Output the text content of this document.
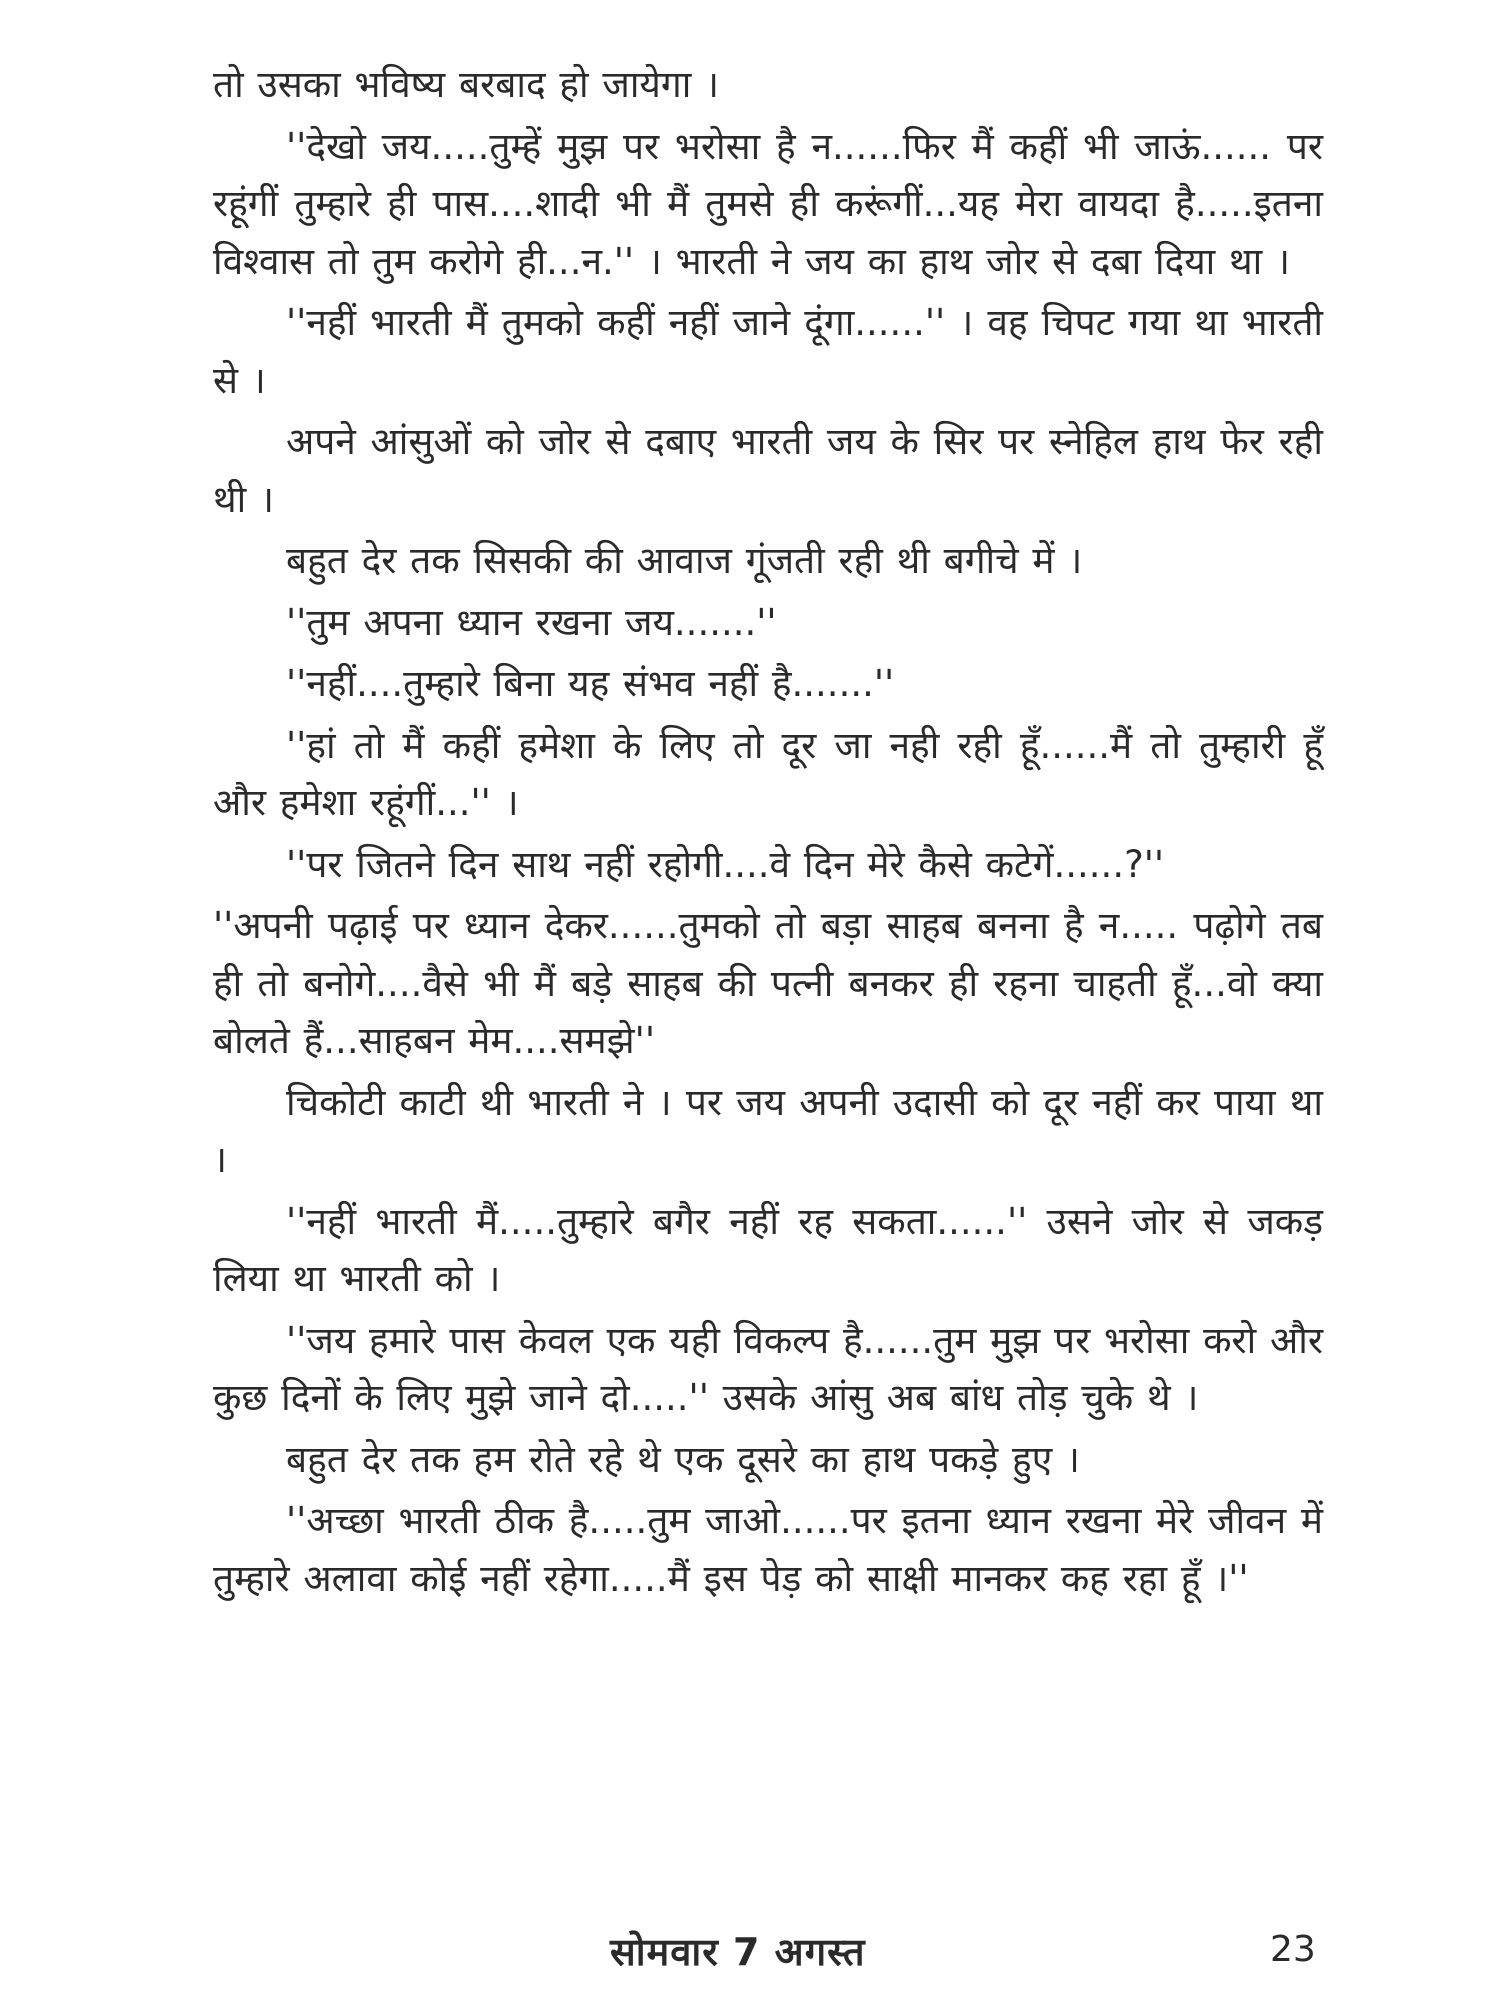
तो उसका भविष्य बरबाद हो जायेगा ।

''देखो जय.....तुम्हें मुझ पर भरोसा है न......फिर मैं कहीं भी जाऊं...... पर रहूंगीं तुम्हारे ही पास....शादी भी मैं तुमसे ही करूंगीं...यह मेरा वायदा है.....इतना विश्वास तो तुम करोगे ही...न.'' । भारती ने जय का हाथ जोर से दबा दिया था ।

''नहीं भारती मैं तुमको कहीं नहीं जाने दूंगा......'' । वह चिपट गया था भारती से ।

अपने आंसुओं को जोर से दबाए भारती जय के सिर पर स्नेहिल हाथ फेर रही थी ।

बहुत देर तक सिसकी की आवाज गूंजती रही थी बगीचे में ।

''तुम अपना ध्यान रखना जय.......''

''नहीं....तुम्हारे बिना यह संभव नहीं है.......''

''हां तो मैं कहीं हमेशा के लिए तो दूर जा नही रही हूँ......मैं तो तुम्हारी हूँ और हमेशा रहूंगीं...'' ।

''पर जितने दिन साथ नहीं रहोगी....वे दिन मेरे कैसे कटेगें......?''

''अपनी पढ़ाई पर ध्यान देकर......तुमको तो बड़ा साहब बनना है न..... पढ़ोगे तब ही तो बनोगे....वैसे भी मैं बड़े साहब की पत्नी बनकर ही रहना चाहती हूँ...वो क्या बोलते हैं...साहबन मेम....समझे''

चिकोटी काटी थी भारती ने । पर जय अपनी उदासी को दूर नहीं कर पाया था ।

''नहीं भारती मैं.....तुम्हारे बगैर नहीं रह सकता......'' उसने जोर से जकड़ लिया था भारती को ।

''जय हमारे पास केवल एक यही विकल्प है......तुम मुझ पर भरोसा करो और कुछ दिनों के लिए मुझे जाने दो.....'' उसके आंसु अब बांध तोड़ चुके थे ।

बहुत देर तक हम रोते रहे थे एक दूसरे का हाथ पकड़े हुए ।

''अच्छा भारती ठीक है.....तुम जाओ......पर इतना ध्यान रखना मेरे जीवन में तुम्हारे अलावा कोई नहीं रहेगा.....मैं इस पेड़ को साक्षी मानकर कह रहा हूँ ।''

सोमवार 7 अगस्त	23
